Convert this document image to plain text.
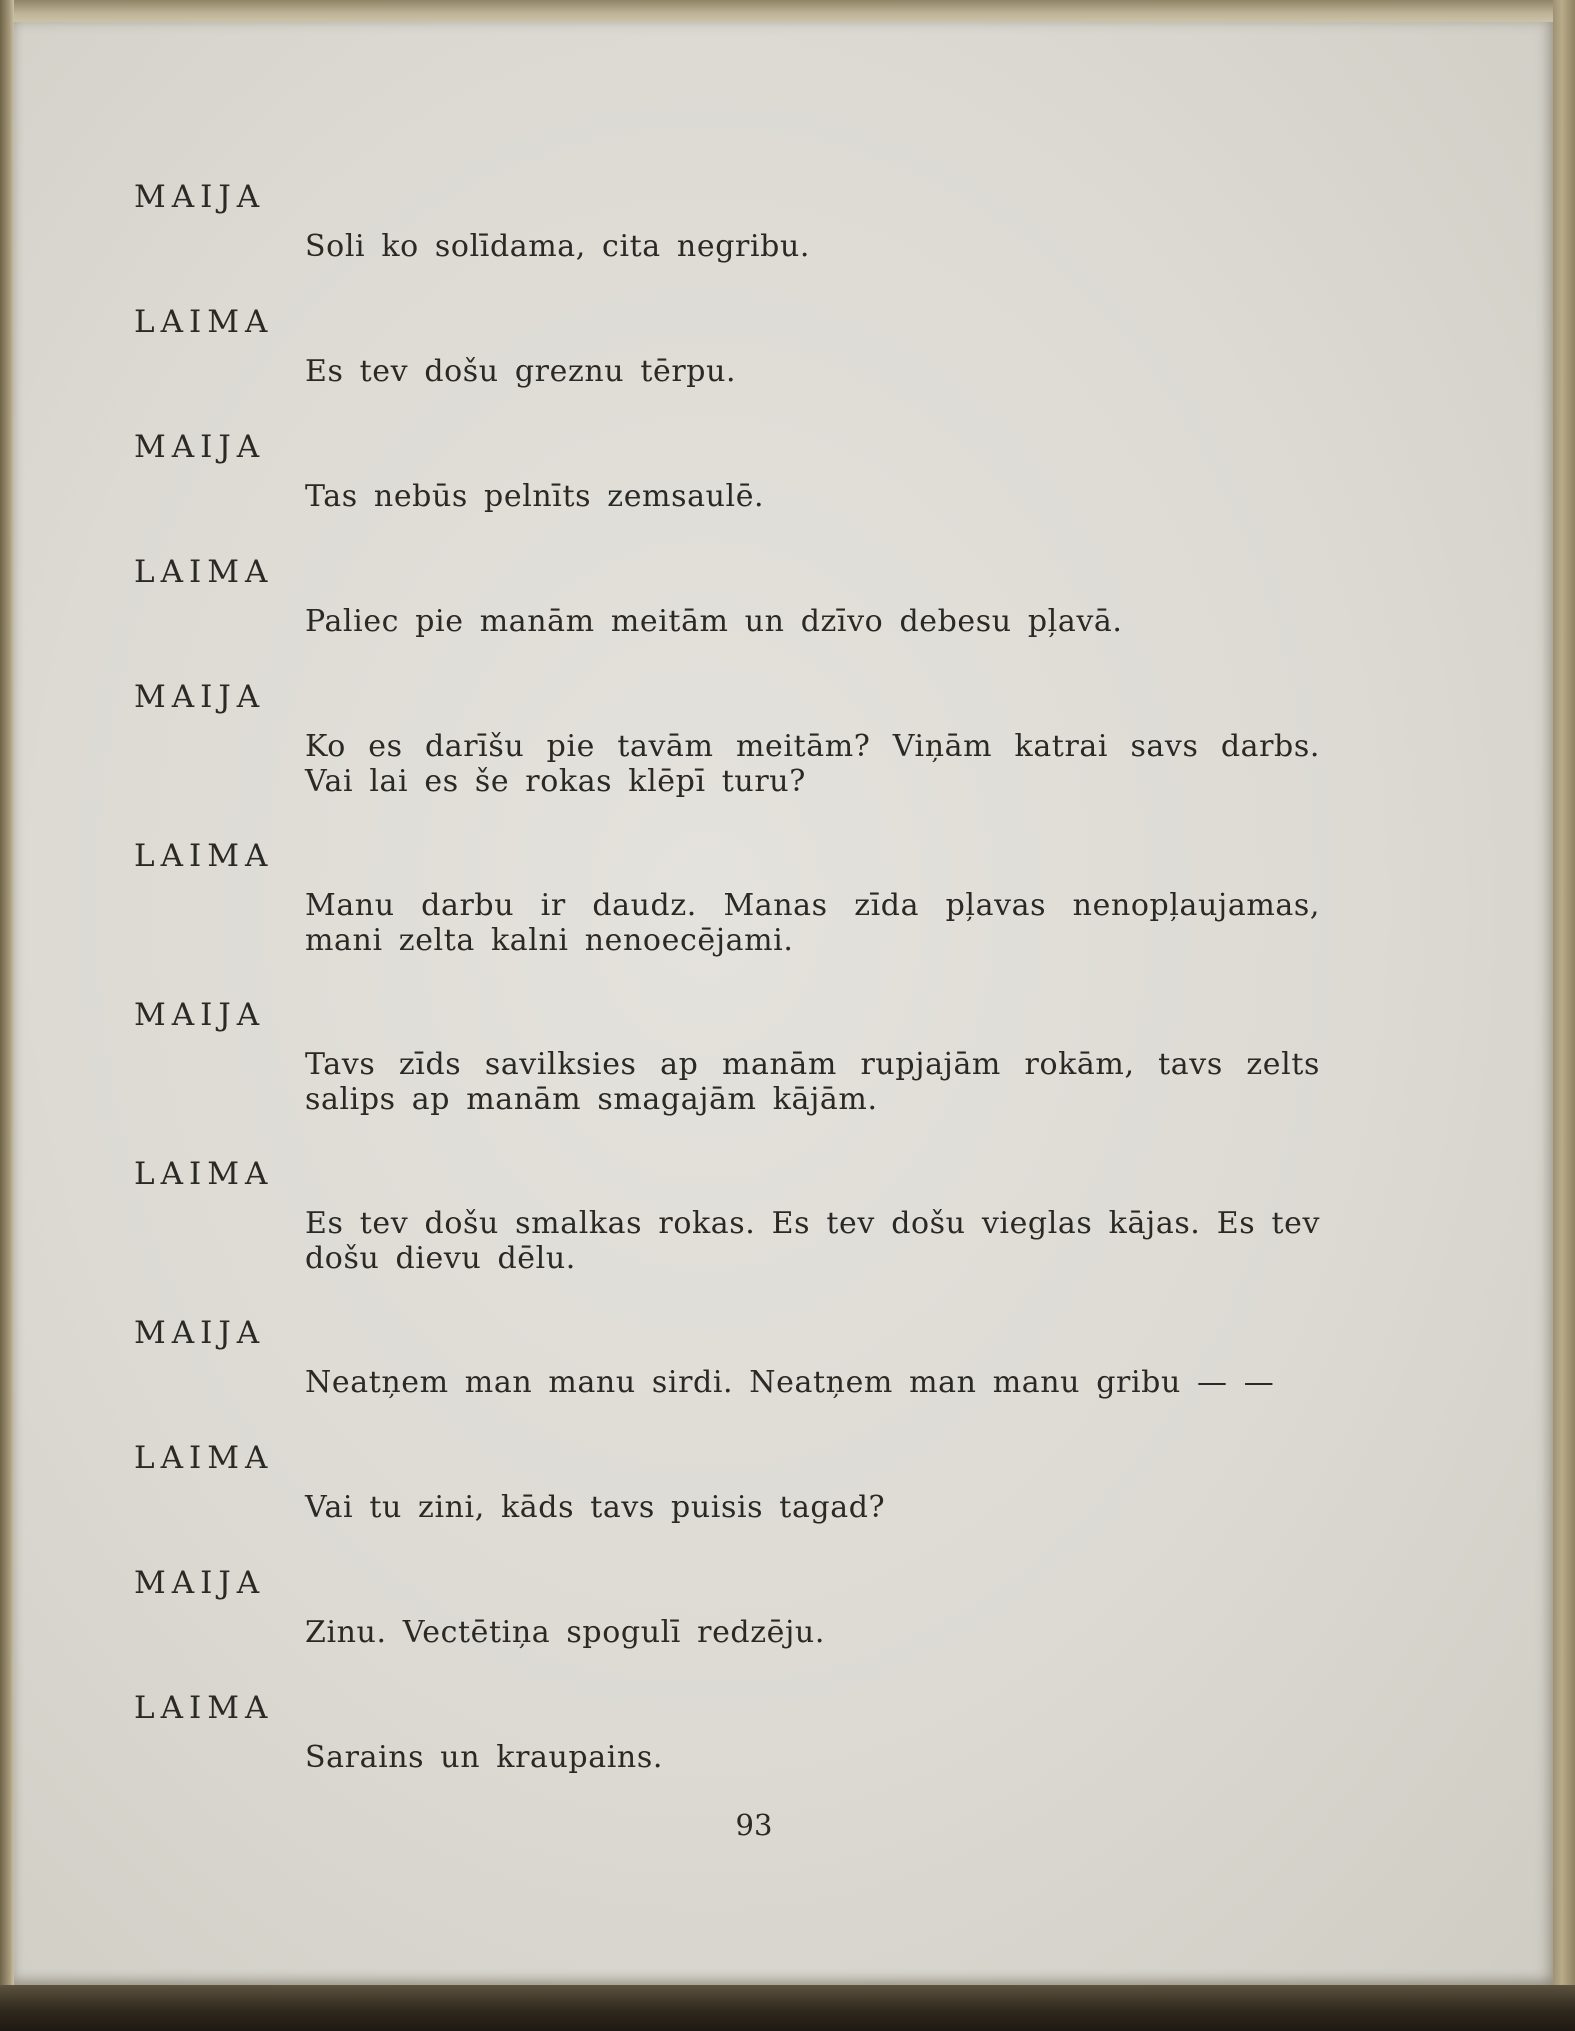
MAIJA

Soli ko solīdama, cita negribu.

LAIMA

Es tev došu greznu tērpu.

MAIJA

Tas nebūs pelnīts zemsaulē.

LAIMA

Paliec pie manām meitām un dzīvo debesu pļavā.

MAIJA

Ko es darīšu pie tavām meitām? Viņām katrai savs darbs. Vai lai es še rokas klēpī turu?

LAIMA

Manu darbu ir daudz. Manas zīda pļavas nenopļaujamas, mani zelta kalni nenoecējami.

MAIJA

Tavs zīds savilksies ap manām rupjajām rokām, tavs zelts salips ap manām smagajām kājām.

LAIMA

Es tev došu smalkas rokas. Es tev došu vieglas kājas. Es tev došu dievu dēlu.

MAIJA

Neatņem man manu sirdi. Neatņem man manu gribu — —

LAIMA

Vai tu zini, kāds tavs puisis tagad?

MAIJA

Zinu. Vectētiņa spogulī redzēju.

LAIMA

Sarains un kraupains.

93
